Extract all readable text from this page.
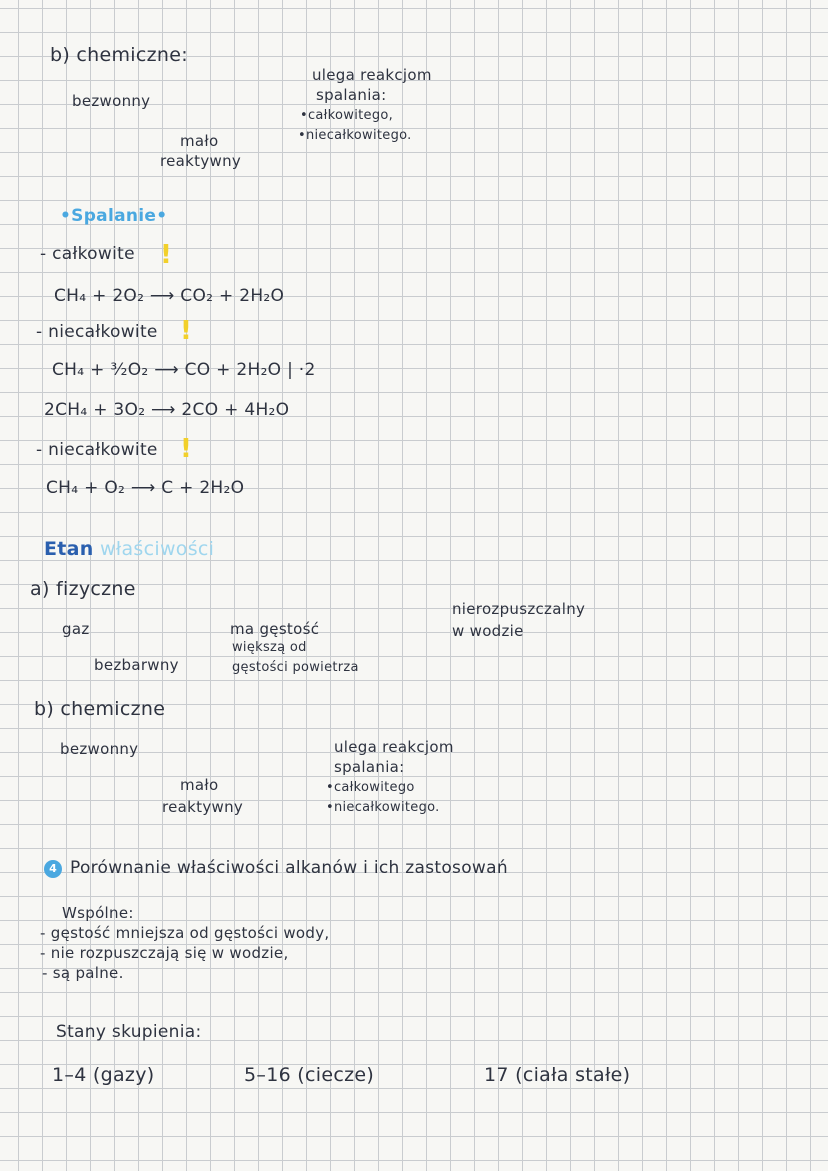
b) chemiczne:
bezwonny
ulega reakcjom
spalania:
•całkowitego,
•niecałkowitego.
mało
reaktywny
•Spalanie•
- całkowite !
CH₄ + 2O₂ ⟶ CO₂ + 2H₂O
- niecałkowite !
CH₄ + ³⁄₂O₂ ⟶ CO + 2H₂O | ·2
2CH₄ + 3O₂ ⟶ 2CO + 4H₂O
- niecałkowite !
CH₄ + O₂ ⟶ C + 2H₂O
Etan właściwości
a) fizyczne
gaz	ma gęstość
większą od
gęstości powietrza
nierozpuszczalny
w wodzie
bezbarwny
b) chemiczne
bezwonny	ulega reakcjom
spalania:
•całkowitego
•niecałkowitego.
mało
reaktywny
4 Porównanie właściwości alkanów i ich zastosowań
Wspólne:
- gęstość mniejsza od gęstości wody,
- nie rozpuszczają się w wodzie,
- są palne.
Stany skupienia:
1–4 (gazy)	5–16 (ciecze)	17 (ciała stałe)
